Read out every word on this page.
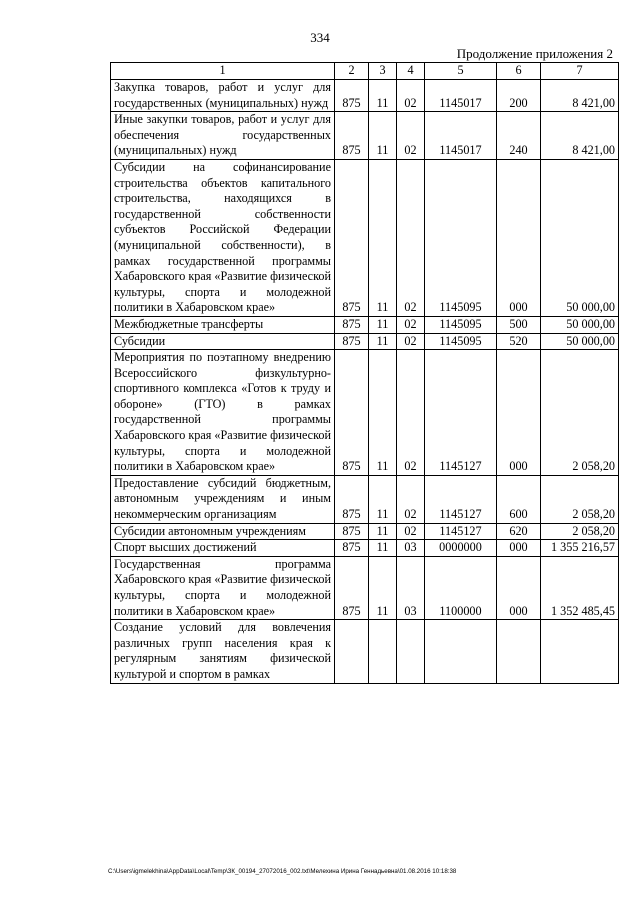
334
Продолжение приложения 2
1	2	3	4	5	6	7
Закупка товаров, работ и услуг для государственных (муниципальных) нужд	875	11	02	1145017	200	8 421,00
Иные закупки товаров, работ и услуг для обеспечения государственных (муниципальных) нужд	875	11	02	1145017	240	8 421,00
Субсидии на софинансирование строительства объектов капитального строительства, находящихся в государственной собственности субъектов Российской Федерации (муниципальной собственности), в рамках государственной программы Хабаровского края «Развитие физической культуры, спорта и молодежной политики в Хабаровском крае»	875	11	02	1145095	000	50 000,00
Межбюджетные трансферты	875	11	02	1145095	500	50 000,00
Субсидии	875	11	02	1145095	520	50 000,00
Мероприятия по поэтапному внедрению Всероссийского физкультурно-спортивного комплекса «Готов к труду и обороне» (ГТО) в рамках государственной программы Хабаровского края «Развитие физической культуры, спорта и молодежной политики в Хабаровском крае»	875	11	02	1145127	000	2 058,20
Предоставление субсидий бюджетным, автономным учреждениям и иным некоммерческим организациям	875	11	02	1145127	600	2 058,20
Субсидии автономным учреждениям	875	11	02	1145127	620	2 058,20
Спорт высших достижений	875	11	03	0000000	000	1 355 216,57
Государственная программа Хабаровского края «Развитие физической культуры, спорта и молодежной политики в Хабаровском крае»	875	11	03	1100000	000	1 352 485,45
Создание условий для вовлечения различных групп населения края к регулярным занятиям физической культурой и спортом в рамках						
C:\Users\igmelekhina\AppData\Local\Temp\ЗК_00194_27072016_002.txt\Мелехина Ирина Геннадьевна\01.08.2016 10:18:38
